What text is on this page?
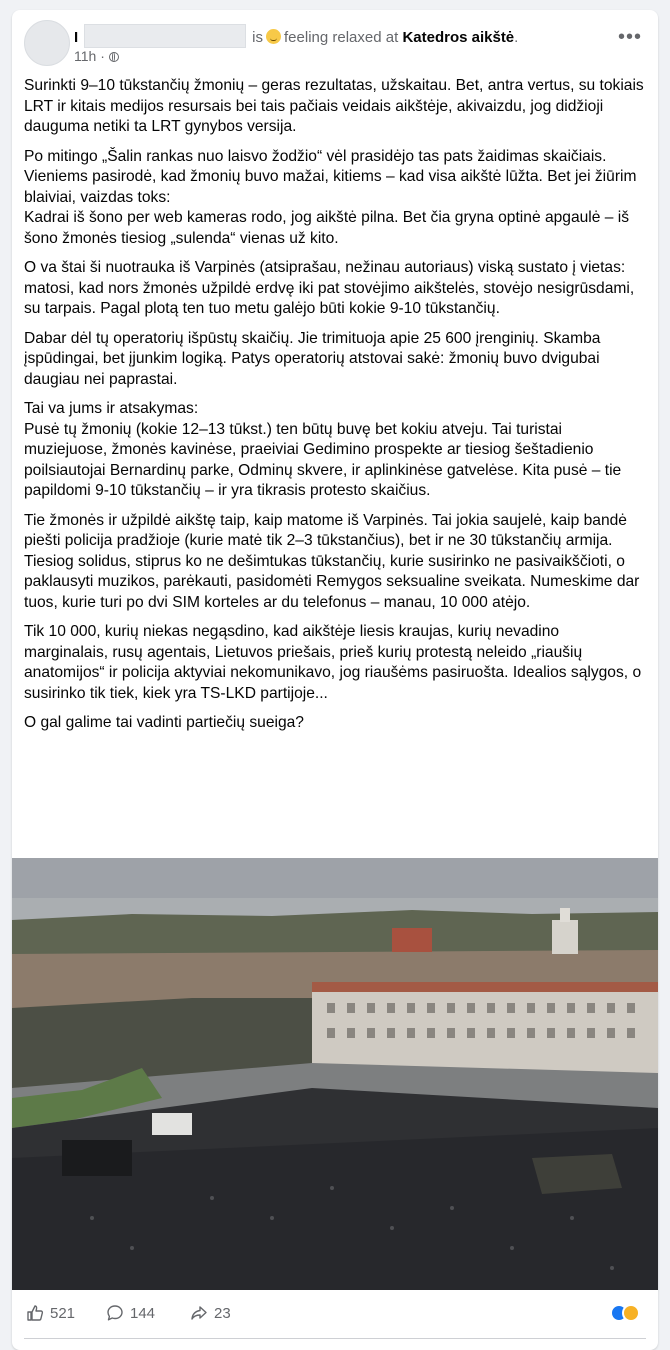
I	is feeling relaxed at Katedros aikštė.
11h ·
•••

Surinkti 9–10 tūkstančių žmonių – geras rezultatas, užskaitau. Bet, antra vertus, su tokiais LRT ir kitais medijos resursais bei tais pačiais veidais aikštėje, akivaizdu, jog didžioji dauguma netiki ta LRT gynybos versija.

Po mitingo „Šalin rankas nuo laisvo žodžio“ vėl prasidėjo tas pats žaidimas skaičiais. Vieniems pasirodė, kad žmonių buvo mažai, kitiems – kad visa aikštė lūžta. Bet jei žiūrim blaiviai, vaizdas toks:
Kadrai iš šono per web kameras rodo, jog aikštė pilna. Bet čia gryna optinė apgaulė – iš šono žmonės tiesiog „sulenda“ vienas už kito.

O va štai ši nuotrauka iš Varpinės (atsiprašau, nežinau autoriaus) viską sustato į vietas: matosi, kad nors žmonės užpildė erdvę iki pat stovėjimo aikštelės, stovėjo nesigrūsdami, su tarpais. Pagal plotą ten tuo metu galėjo būti kokie 9-10 tūkstančių.

Dabar dėl tų operatorių išpūstų skaičių. Jie trimituoja apie 25 600 įrenginių. Skamba įspūdingai, bet įjunkim logiką. Patys operatorių atstovai sakė: žmonių buvo dvigubai daugiau nei paprastai.

Tai va jums ir atsakymas:
Pusė tų žmonių (kokie 12–13 tūkst.) ten būtų buvę bet kokiu atveju. Tai turistai muziejuose, žmonės kavinėse, praeiviai Gedimino prospekte ar tiesiog šeštadienio poilsiautojai Bernardinų parke, Odminų skvere, ir aplinkinėse gatvelėse. Kita pusė – tie papildomi 9-10 tūkstančių – ir yra tikrasis protesto skaičius.

Tie žmonės ir užpildė aikštę taip, kaip matome iš Varpinės. Tai jokia saujelė, kaip bandė piešti policija pradžioje (kurie matė tik 2–3 tūkstančius), bet ir ne 30 tūkstančių armija. Tiesiog solidus, stiprus ko ne dešimtukas tūkstančių, kurie susirinko ne pasivaikščioti, o paklausyti muzikos, parėkauti, pasidomėti Remygos seksualine sveikata. Numeskime dar tuos, kurie turi po dvi SIM korteles ar du telefonus – manau, 10 000 atėjo.

Tik 10 000, kurių niekas negąsdino, kad aikštėje liesis kraujas, kurių nevadino marginalais, rusų agentais, Lietuvos priešais, prieš kurių protestą neleido „riaušių anatomijos“ ir policija aktyviai nekomunikavo, jog riaušėms pasiruošta. Idealios sąlygos, o susirinko tik tiek, kiek yra TS-LKD partijoje...

O gal galime tai vadinti partiečių sueiga?

521	144	23
